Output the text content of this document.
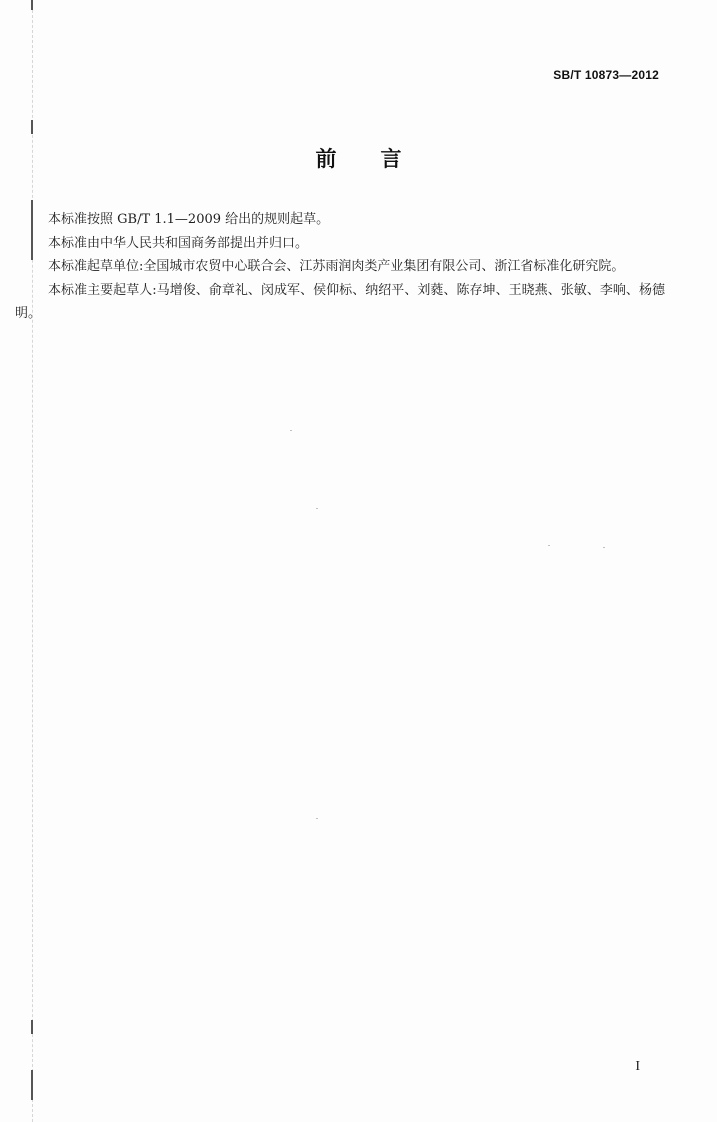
SB/T 10873—2012
前 言

本标准按照 GB/T 1.1—2009 给出的规则起草。

本标准由中华人民共和国商务部提出并归口。

本标准起草单位:全国城市农贸中心联合会、江苏雨润肉类产业集团有限公司、浙江省标准化研究院。

本标准主要起草人:马增俊、俞章礼、闵成军、侯仰标、纳绍平、刘蕤、陈存坤、王晓燕、张敏、李响、杨德明。

I
